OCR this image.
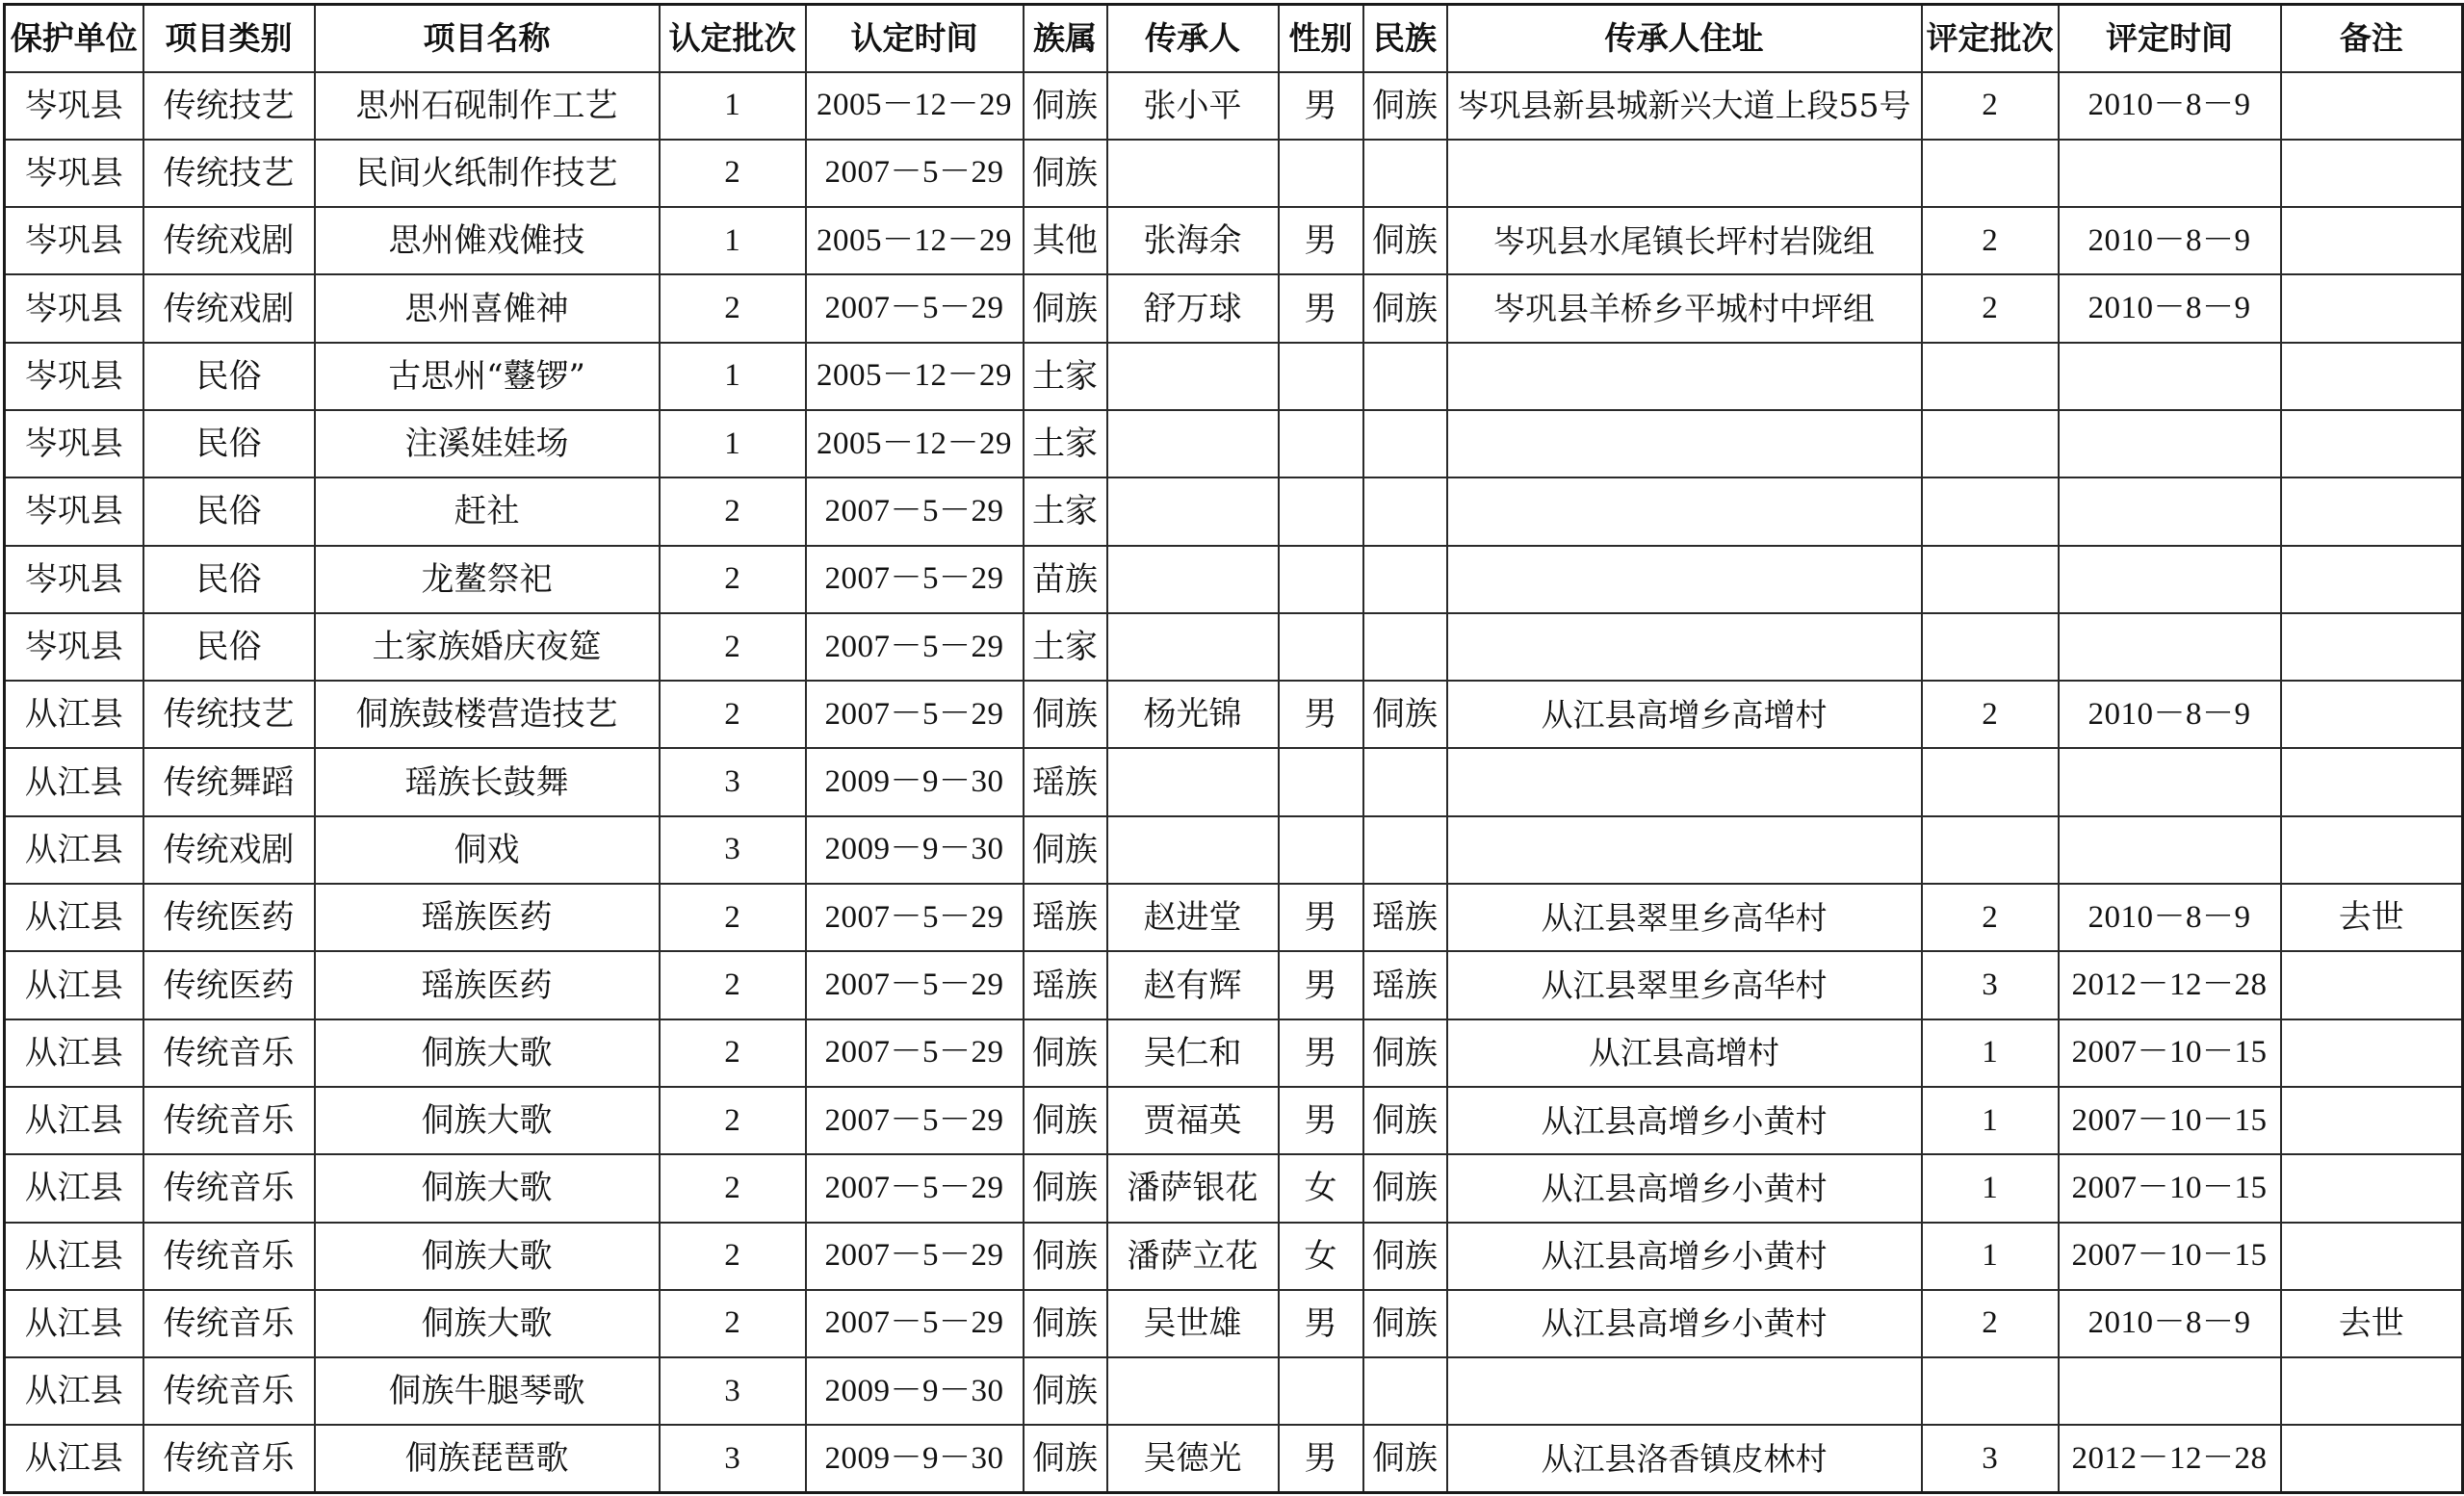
保护单位	项目类别	项目名称	认定批次	认定时间	族属	传承人	性别	民族	传承人住址	评定批次	评定时间	备注
岑巩县	传统技艺	思州石砚制作工艺	1	2005－12－29	侗族	张小平	男	侗族	岑巩县新县城新兴大道上段55号	2	2010－8－9	
岑巩县	传统技艺	民间火纸制作技艺	2	2007－5－29	侗族							
岑巩县	传统戏剧	思州傩戏傩技	1	2005－12－29	其他	张海余	男	侗族	岑巩县水尾镇长坪村岩陇组	2	2010－8－9	
岑巩县	传统戏剧	思州喜傩神	2	2007－5－29	侗族	舒万球	男	侗族	岑巩县羊桥乡平城村中坪组	2	2010－8－9	
岑巩县	民俗	古思州“鼟锣”	1	2005－12－29	土家							
岑巩县	民俗	注溪娃娃场	1	2005－12－29	土家							
岑巩县	民俗	赶社	2	2007－5－29	土家							
岑巩县	民俗	龙鳌祭祀	2	2007－5－29	苗族							
岑巩县	民俗	土家族婚庆夜筵	2	2007－5－29	土家							
从江县	传统技艺	侗族鼓楼营造技艺	2	2007－5－29	侗族	杨光锦	男	侗族	从江县高增乡高增村	2	2010－8－9	
从江县	传统舞蹈	瑶族长鼓舞	3	2009－9－30	瑶族							
从江县	传统戏剧	侗戏	3	2009－9－30	侗族							
从江县	传统医药	瑶族医药	2	2007－5－29	瑶族	赵进堂	男	瑶族	从江县翠里乡高华村	2	2010－8－9	去世
从江县	传统医药	瑶族医药	2	2007－5－29	瑶族	赵有辉	男	瑶族	从江县翠里乡高华村	3	2012－12－28	
从江县	传统音乐	侗族大歌	2	2007－5－29	侗族	吴仁和	男	侗族	从江县高增村	1	2007－10－15	
从江县	传统音乐	侗族大歌	2	2007－5－29	侗族	贾福英	男	侗族	从江县高增乡小黄村	1	2007－10－15	
从江县	传统音乐	侗族大歌	2	2007－5－29	侗族	潘萨银花	女	侗族	从江县高增乡小黄村	1	2007－10－15	
从江县	传统音乐	侗族大歌	2	2007－5－29	侗族	潘萨立花	女	侗族	从江县高增乡小黄村	1	2007－10－15	
从江县	传统音乐	侗族大歌	2	2007－5－29	侗族	吴世雄	男	侗族	从江县高增乡小黄村	2	2010－8－9	去世
从江县	传统音乐	侗族牛腿琴歌	3	2009－9－30	侗族							
从江县	传统音乐	侗族琵琶歌	3	2009－9－30	侗族	吴德光	男	侗族	从江县洛香镇皮林村	3	2012－12－28	
